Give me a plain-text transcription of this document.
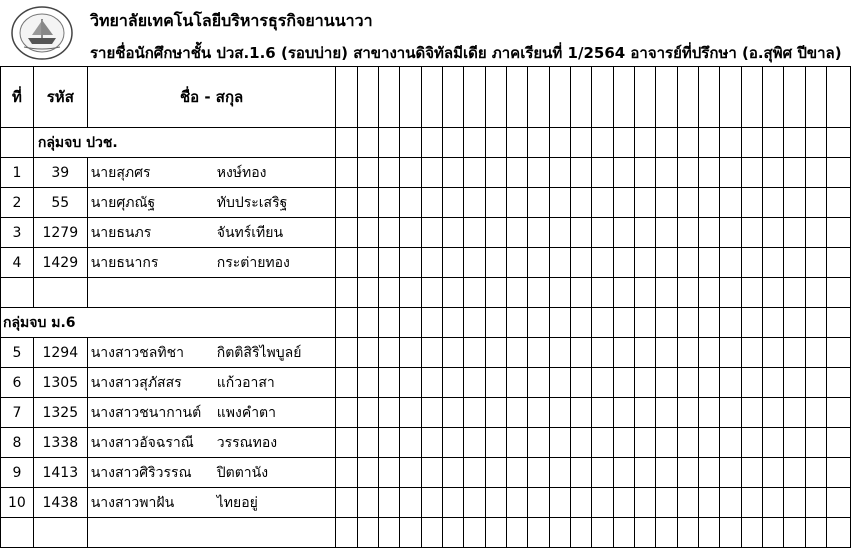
วิทยาลัยเทคโนโลยีบริหารธุรกิจยานนาวา
รายชื่อนักศึกษาชั้น ปวส.1.6 (รอบบ่าย) สาขางานดิจิทัลมีเดีย ภาคเรียนที่ 1/2564 อาจารย์ที่ปรึกษา (อ.สุพิศ ปีขาล)
ที่	รหัส	ชื่อ - สกุล																								
	กลุ่มจบ ปวช.																									
1	39	นายสุภศร หงษ์ทอง																								
2	55	นายศุภณัฐ ทับประเสริฐ																								
3	1279	นายธนภร จันทร์เทียน																								
4	1429	นายธนากร กระต่ายทอง																								

กลุ่มจบ ม.6																										
5	1294	นางสาวชลทิชา กิตติสิริไพบูลย์																								
6	1305	นางสาวสุภัสสร แก้วอาสา																								
7	1325	นางสาวชนากานต์ แพงคำตา																								
8	1338	นางสาวอัจฉราณี วรรณทอง																								
9	1413	นางสาวศิริวรรณ ปิตตานัง																								
10	1438	นางสาวพาฝัน ไทยอยู่																								
